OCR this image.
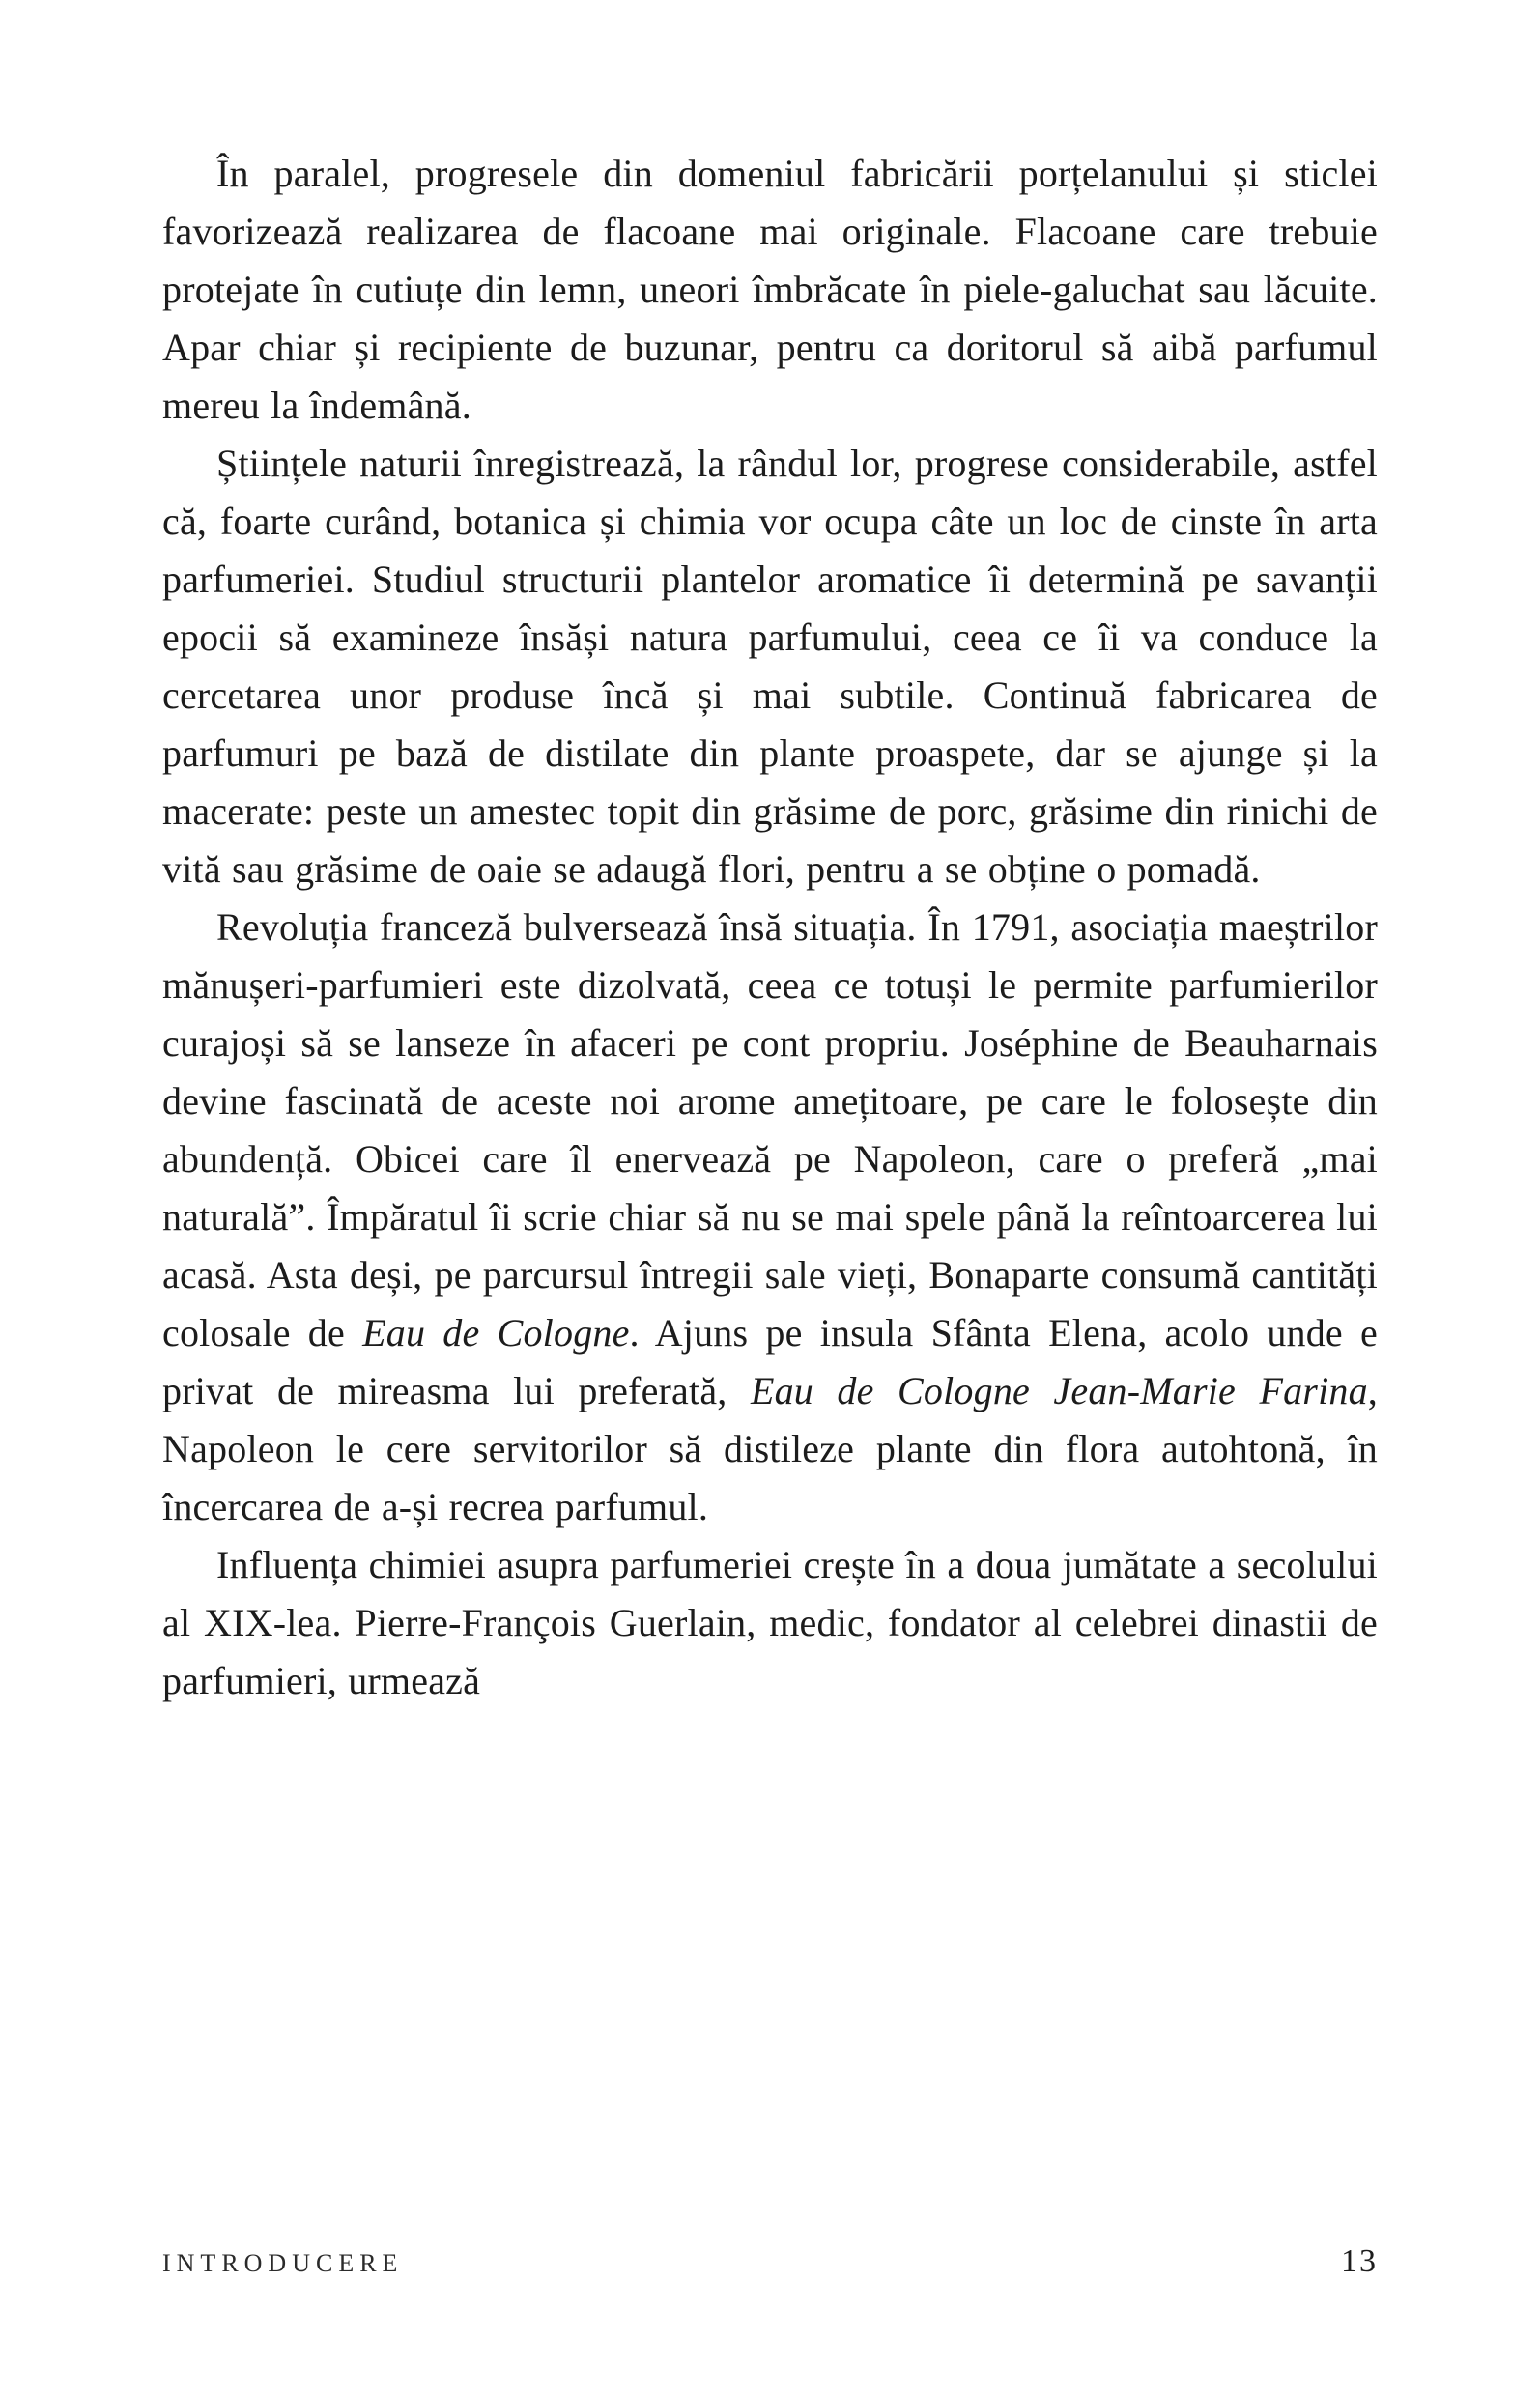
În paralel, progresele din domeniul fabricării porțelanului și sticlei favorizează realizarea de flacoane mai originale. Flacoane care trebuie protejate în cutiuțe din lemn, uneori îmbrăcate în piele-galuchat sau lăcuite. Apar chiar și recipiente de buzunar, pentru ca doritorul să aibă parfumul mereu la îndemână.

Științele naturii înregistrează, la rândul lor, progrese considerabile, astfel că, foarte curând, botanica și chimia vor ocupa câte un loc de cinste în arta parfumeriei. Studiul structurii plantelor aromatice îi determină pe savanții epocii să examineze însăși natura parfumului, ceea ce îi va conduce la cercetarea unor produse încă și mai subtile. Continuă fabricarea de parfumuri pe bază de distilate din plante proaspete, dar se ajunge și la macerate: peste un amestec topit din grăsime de porc, grăsime din rinichi de vită sau grăsime de oaie se adaugă flori, pentru a se obține o pomadă.

Revoluția franceză bulversează însă situația. În 1791, asociația maeștrilor mănușeri-parfumieri este dizolvată, ceea ce totuși le permite parfumierilor curajoși să se lanseze în afaceri pe cont propriu. Joséphine de Beauharnais devine fascinată de aceste noi arome amețitoare, pe care le folosește din abundență. Obicei care îl enervează pe Napoleon, care o preferă „mai naturală”. Împăratul îi scrie chiar să nu se mai spele până la reîntoarcerea lui acasă. Asta deși, pe parcursul întregii sale vieți, Bonaparte consumă cantități colosale de Eau de Cologne. Ajuns pe insula Sfânta Elena, acolo unde e privat de mireasma lui preferată, Eau de Cologne Jean-Marie Farina, Napoleon le cere servitorilor să distileze plante din flora autohtonă, în încercarea de a-și recrea parfumul.

Influența chimiei asupra parfumeriei crește în a doua jumătate a secolului al XIX-lea. Pierre-François Guerlain, medic, fondator al celebrei dinastii de parfumieri, urmează

INTRODUCERE	13
